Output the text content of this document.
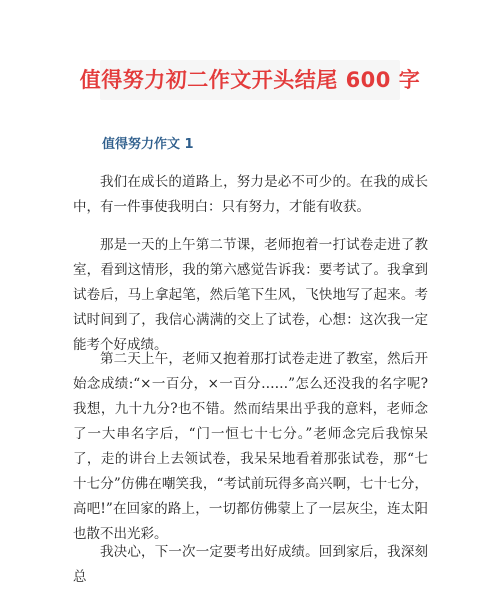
值得努力初二作文开头结尾 600 字
值得努力作文 1

我们在成长的道路上，努力是必不可少的。在我的成长中，有一件事使我明白：只有努力，才能有收获。

那是一天的上午第二节课，老师抱着一打试卷走进了教室，看到这情形，我的第六感觉告诉我：要考试了。我拿到试卷后，马上拿起笔，然后笔下生风，飞快地写了起来。考试时间到了，我信心满满的交上了试卷，心想：这次我一定能考个好成绩。

第二天上午，老师又抱着那打试卷走进了教室，然后开始念成绩:“×一百分，×一百分……”怎么还没我的名字呢?我想，九十九分?也不错。然而结果出乎我的意料，老师念了一大串名字后，“门一恒七十七分。”老师念完后我惊呆了，走的讲台上去领试卷，我呆呆地看着那张试卷，那“七十七分”仿佛在嘲笑我，“考试前玩得多高兴啊，七十七分，高吧!”在回家的路上，一切都仿佛蒙上了一层灰尘，连太阳也散不出光彩。

我决心，下一次一定要考出好成绩。回到家后，我深刻总
